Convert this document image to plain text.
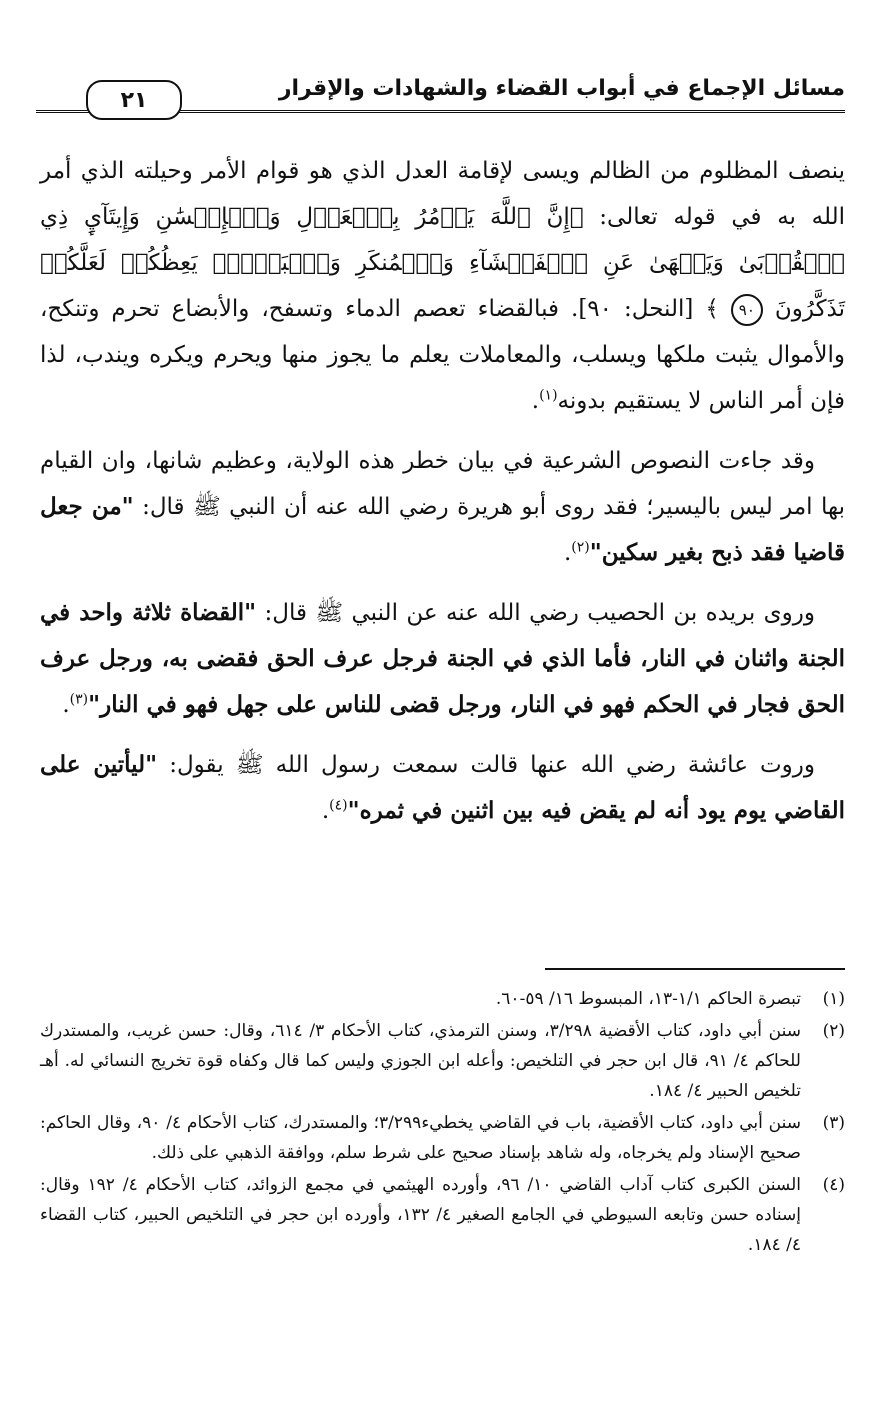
مسائل الإجماع في أبواب القضاء والشهادات والإقرار
٢١

ينصف المظلوم من الظالم ويسى لإقامة العدل الذي هو قوام الأمر وحيلته الذي أمر الله به في قوله تعالى: ﴿إِنَّ ٱللَّهَ يَأۡمُرُ بِٱلۡعَدۡلِ وَٱلۡإِحۡسَٰنِ وَإِيتَآيِٕ ذِي ٱلۡقُرۡبَىٰ وَيَنۡهَىٰ عَنِ ٱلۡفَحۡشَآءِ وَٱلۡمُنكَرِ وَٱلۡبَغۡيِۚ يَعِظُكُمۡ لَعَلَّكُمۡ تَذَكَّرُونَ ٩٠ ﴾ [النحل: ٩٠]. فبالقضاء تعصم الدماء وتسفح، والأبضاع تحرم وتنكح، والأموال يثبت ملكها ويسلب، والمعاملات يعلم ما يجوز منها ويحرم ويكره ويندب، لذا فإن أمر الناس لا يستقيم بدونه$^{(١)}$.

وقد جاءت النصوص الشرعية في بيان خطر هذه الولاية، وعظيم شانها، وان القيام بها امر ليس باليسير؛ فقد روى أبو هريرة رضي الله عنه أن النبي ﷺ قال: "من جعل قاضيا فقد ذبح بغير سكين"$^{(٢)}$.

وروى بريده بن الحصيب رضي الله عنه عن النبي ﷺ قال: "القضاة ثلاثة واحد في الجنة واثنان في النار، فأما الذي في الجنة فرجل عرف الحق فقضى به، ورجل عرف الحق فجار في الحكم فهو في النار، ورجل قضى للناس على جهل فهو في النار"$^{(٣)}$.

وروت عائشة رضي الله عنها قالت سمعت رسول الله ﷺ يقول: "ليأتين على القاضي يوم يود أنه لم يقض فيه بين اثنين في ثمره"$^{(٤)}$.

(١)
تبصرة الحاكم ١/١-١٣، المبسوط ١٦/ ٥٩-٦٠.
(٢)
سنن أبي داود، كتاب الأقضية ٣/٢٩٨، وسنن الترمذي، كتاب الأحكام ٣/ ٦١٤، وقال: حسن غريب، والمستدرك للحاكم ٤/ ٩١، قال ابن حجر في التلخيص: وأعله ابن الجوزي وليس كما قال وكفاه قوة تخريج النسائي له. أهـ تلخيص الحبير ٤/ ١٨٤.
(٣)
سنن أبي داود، كتاب الأقضية، باب في القاضي يخطيء٣/٢٩٩؛ والمستدرك، كتاب الأحكام ٤/ ٩٠، وقال الحاكم: صحيح الإسناد ولم يخرجاه، وله شاهد بإسناد صحيح على شرط سلم، ووافقة الذهبي على ذلك.
(٤)
السنن الكبرى كتاب آداب القاضي ١٠/ ٩٦، وأورده الهيثمي في مجمع الزوائد، كتاب الأحكام ٤/ ١٩٢ وقال: إسناده حسن وتابعه السيوطي في الجامع الصغير ٤/ ١٣٢، وأورده ابن حجر في التلخيص الحبير، كتاب القضاء ٤/ ١٨٤.
